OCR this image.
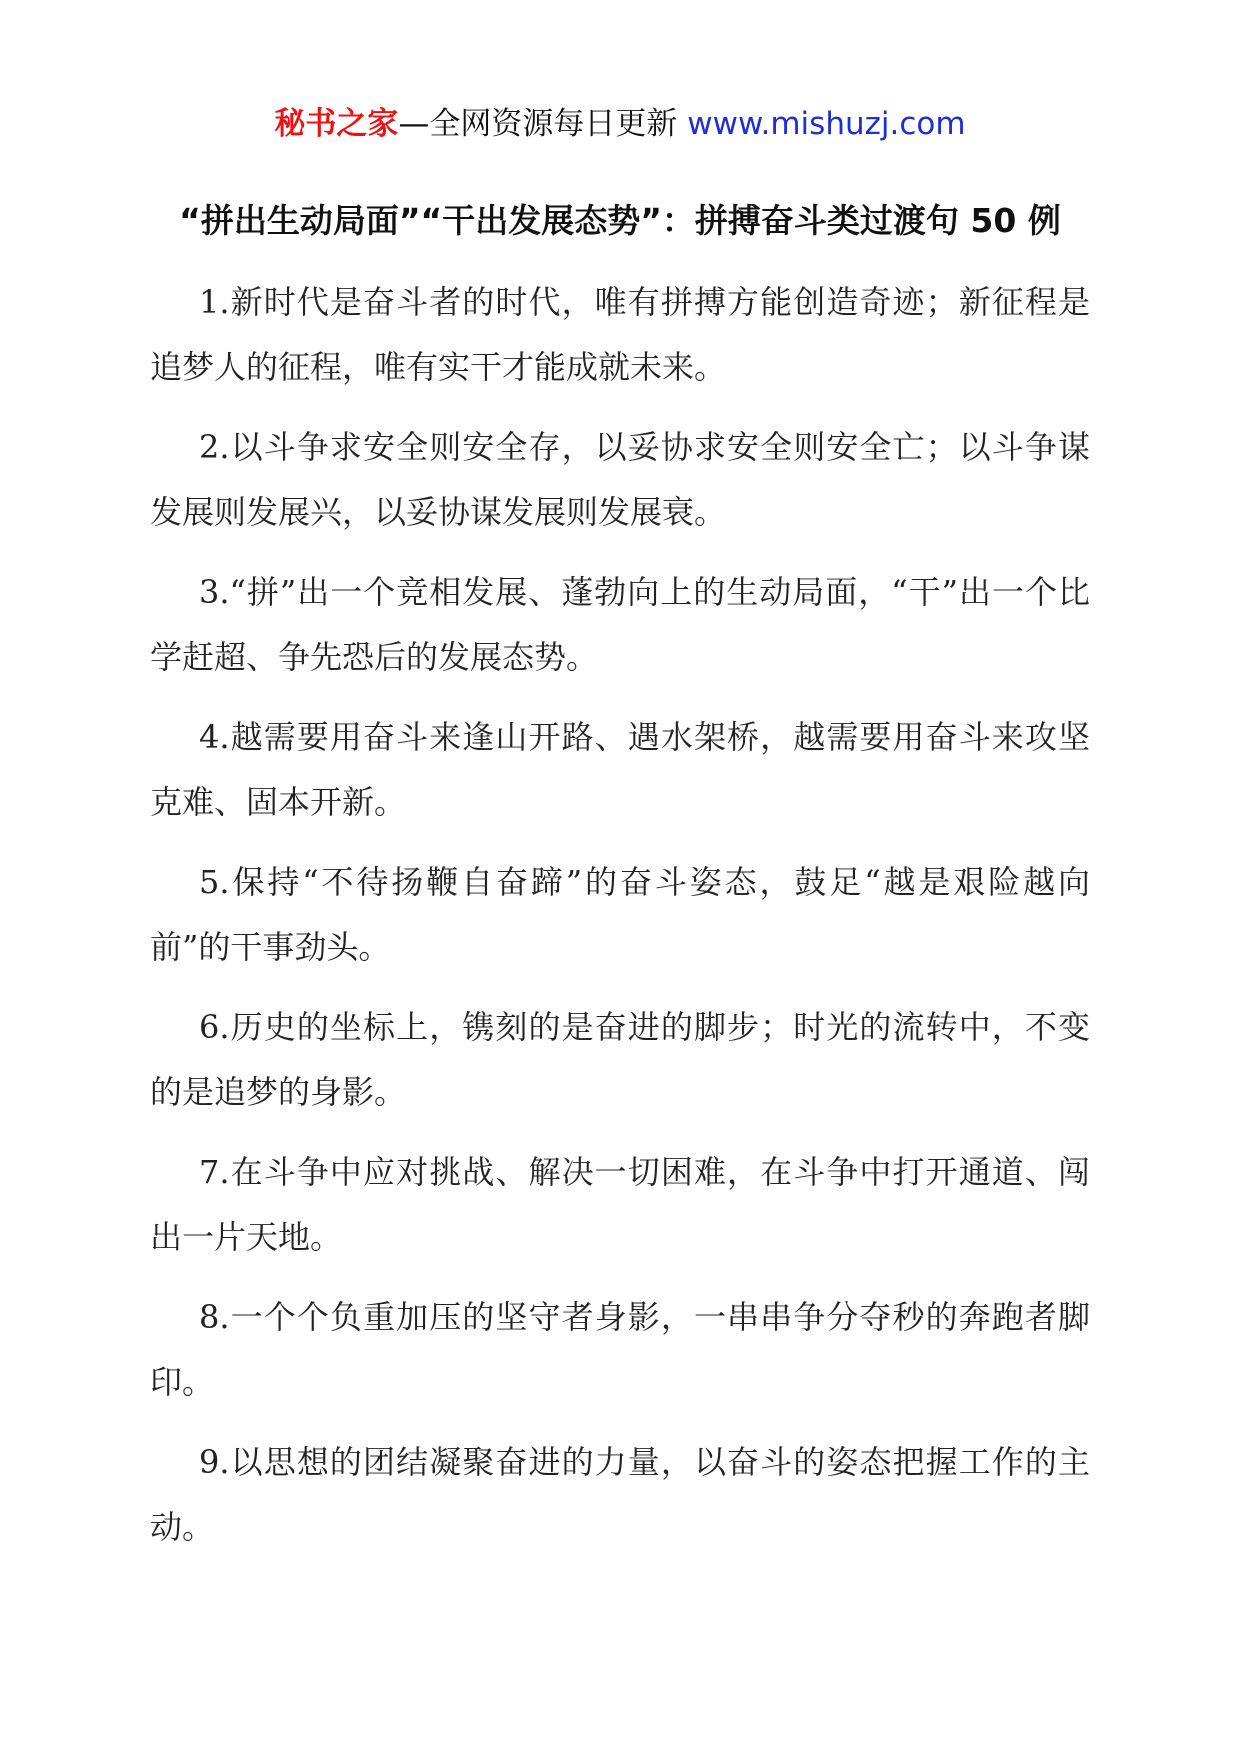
秘书之家—全网资源每日更新 www.mishuzj.com
“拼出生动局面”“干出发展态势”：拼搏奋斗类过渡句 50 例

1.新时代是奋斗者的时代，唯有拼搏方能创造奇迹；新征程是追梦人的征程，唯有实干才能成就未来。

2.以斗争求安全则安全存，以妥协求安全则安全亡；以斗争谋发展则发展兴，以妥协谋发展则发展衰。

3.“拼”出一个竞相发展、蓬勃向上的生动局面，“干”出一个比学赶超、争先恐后的发展态势。

4.越需要用奋斗来逢山开路、遇水架桥，越需要用奋斗来攻坚克难、固本开新。

5.保持“不待扬鞭自奋蹄”的奋斗姿态，鼓足“越是艰险越向前”的干事劲头。

6.历史的坐标上，镌刻的是奋进的脚步；时光的流转中，不变的是追梦的身影。

7.在斗争中应对挑战、解决一切困难，在斗争中打开通道、闯出一片天地。

8.一个个负重加压的坚守者身影，一串串争分夺秒的奔跑者脚印。

9.以思想的团结凝聚奋进的力量，以奋斗的姿态把握工作的主动。
